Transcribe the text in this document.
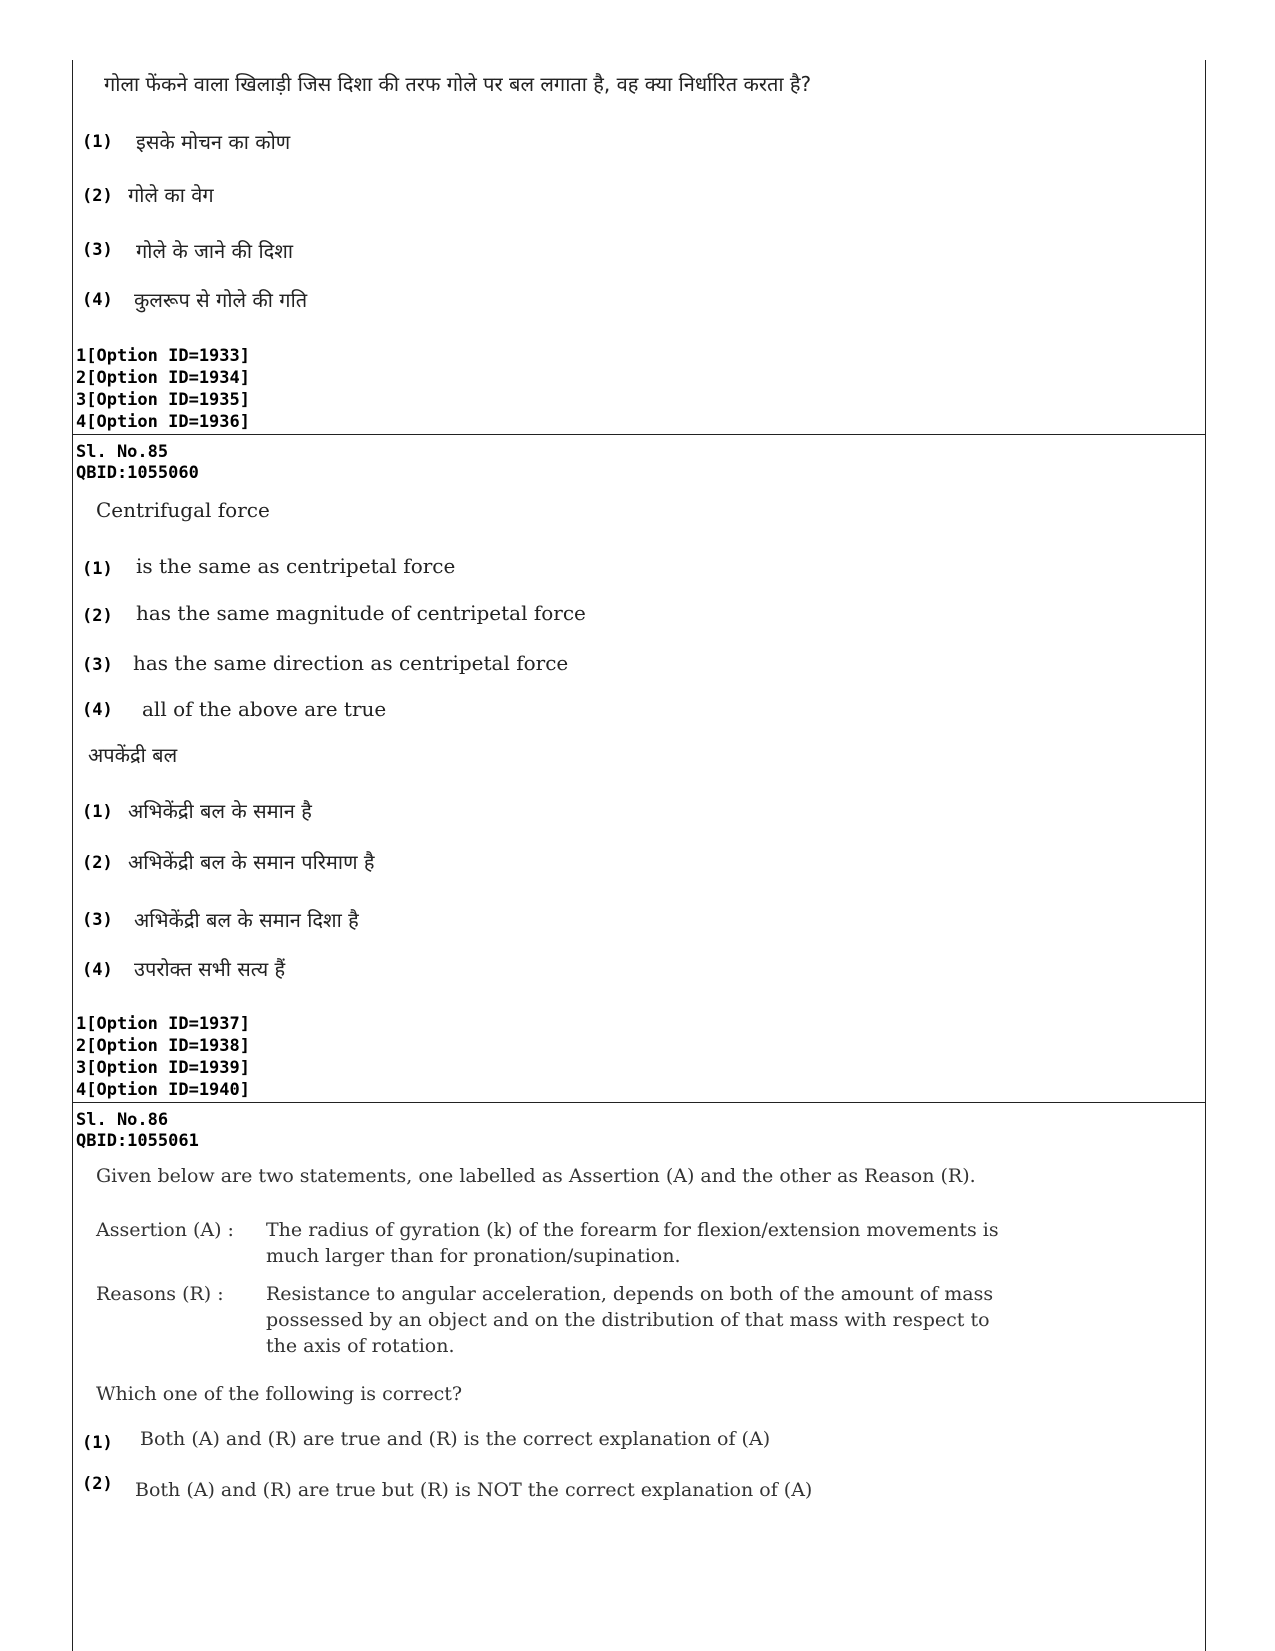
गोला फेंकने वाला खिलाड़ी जिस दिशा की तरफ गोले पर बल लगाता है, वह क्या निर्धारित करता है?
(1) इसके मोचन का कोण
(2) गोले का वेग
(3) गोले के जाने की दिशा
(4) कुलरूप से गोले की गति
1[Option ID=1933]
2[Option ID=1934]
3[Option ID=1935]
4[Option ID=1936]
Sl. No.85
QBID:1055060
Centrifugal force
(1) is the same as centripetal force
(2) has the same magnitude of centripetal force
(3) has the same direction as centripetal force
(4) all of the above are true
अपकेंद्री बल
(1) अभिकेंद्री बल के समान है
(2) अभिकेंद्री बल के समान परिमाण है
(3) अभिकेंद्री बल के समान दिशा है
(4) उपरोक्त सभी सत्य हैं
1[Option ID=1937]
2[Option ID=1938]
3[Option ID=1939]
4[Option ID=1940]
Sl. No.86
QBID:1055061
Given below are two statements, one labelled as Assertion (A) and the other as Reason (R).
Assertion (A) : The radius of gyration (k) of the forearm for flexion/extension movements is
much larger than for pronation/supination.
Reasons (R) : Resistance to angular acceleration, depends on both of the amount of mass
possessed by an object and on the distribution of that mass with respect to
the axis of rotation.
Which one of the following is correct?
(1) Both (A) and (R) are true and (R) is the correct explanation of (A)
(2) Both (A) and (R) are true but (R) is NOT the correct explanation of (A)
